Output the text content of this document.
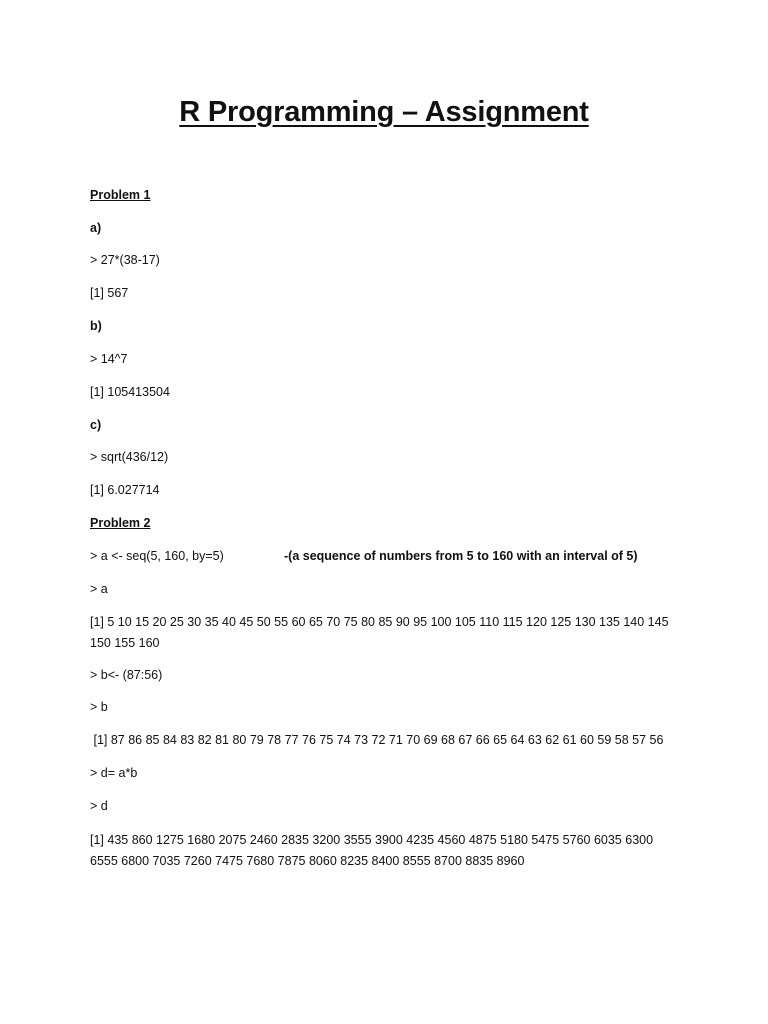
R Programming – Assignment
Problem 1
a)
> 27*(38-17)
[1] 567
b)
> 14^7
[1] 105413504
c)
> sqrt(436/12)
[1] 6.027714
Problem 2
> a <- seq(5, 160, by=5)	-(a sequence of numbers from 5 to 160 with an interval of 5)
> a
[1] 5 10 15 20 25 30 35 40 45 50 55 60 65 70 75 80 85 90 95 100 105 110 115 120 125 130 135 140 145 150 155 160
> b<- (87:56)
> b
[1] 87 86 85 84 83 82 81 80 79 78 77 76 75 74 73 72 71 70 69 68 67 66 65 64 63 62 61 60 59 58 57 56
> d= a*b
> d
[1] 435 860 1275 1680 2075 2460 2835 3200 3555 3900 4235 4560 4875 5180 5475 5760 6035 6300 6555 6800 7035 7260 7475 7680 7875 8060 8235 8400 8555 8700 8835 8960
